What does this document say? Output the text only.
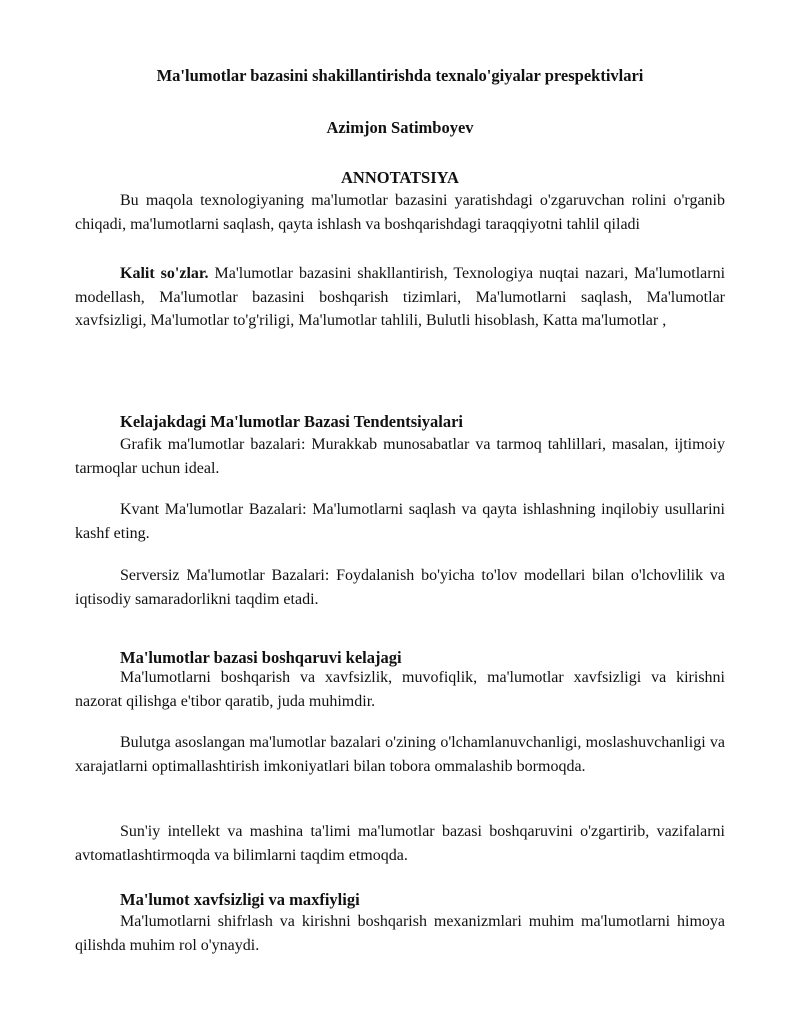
Ma'lumotlar bazasini shakillantirishda texnalo'giyalar prespektivlari
Azimjon Satimboyev
ANNOTATSIYA

Bu maqola texnologiyaning ma'lumotlar bazasini yaratishdagi o'zgaruvchan rolini o'rganib chiqadi, ma'lumotlarni saqlash, qayta ishlash va boshqarishdagi taraqqiyotni tahlil qiladi

Kalit so'zlar. Ma'lumotlar bazasini shakllantirish, Texnologiya nuqtai nazari, Ma'lumotlarni modellash, Ma'lumotlar bazasini boshqarish tizimlari, Ma'lumotlarni saqlash, Ma'lumotlar xavfsizligi, Ma'lumotlar to'g'riligi, Ma'lumotlar tahlili, Bulutli hisoblash, Katta ma'lumotlar ,

Kelajakdagi Ma'lumotlar Bazasi Tendentsiyalari

Grafik ma'lumotlar bazalari: Murakkab munosabatlar va tarmoq tahlillari, masalan, ijtimoiy tarmoqlar uchun ideal.

Kvant Ma'lumotlar Bazalari: Ma'lumotlarni saqlash va qayta ishlashning inqilobiy usullarini kashf eting.

Serversiz Ma'lumotlar Bazalari: Foydalanish bo'yicha to'lov modellari bilan o'lchovlilik va iqtisodiy samaradorlikni taqdim etadi.

Ma'lumotlar bazasi boshqaruvi kelajagi

Ma'lumotlarni boshqarish va xavfsizlik, muvofiqlik, ma'lumotlar xavfsizligi va kirishni nazorat qilishga e'tibor qaratib, juda muhimdir.

Bulutga asoslangan ma'lumotlar bazalari o'zining o'lchamlanuvchanligi, moslashuvchanligi va xarajatlarni optimallashtirish imkoniyatlari bilan tobora ommalashib bormoqda.

Sun'iy intellekt va mashina ta'limi ma'lumotlar bazasi boshqaruvini o'zgartirib, vazifalarni avtomatlashtirmoqda va bilimlarni taqdim etmoqda.

Ma'lumot xavfsizligi va maxfiyligi

Ma'lumotlarni shifrlash va kirishni boshqarish mexanizmlari muhim ma'lumotlarni himoya qilishda muhim rol o'ynaydi.
